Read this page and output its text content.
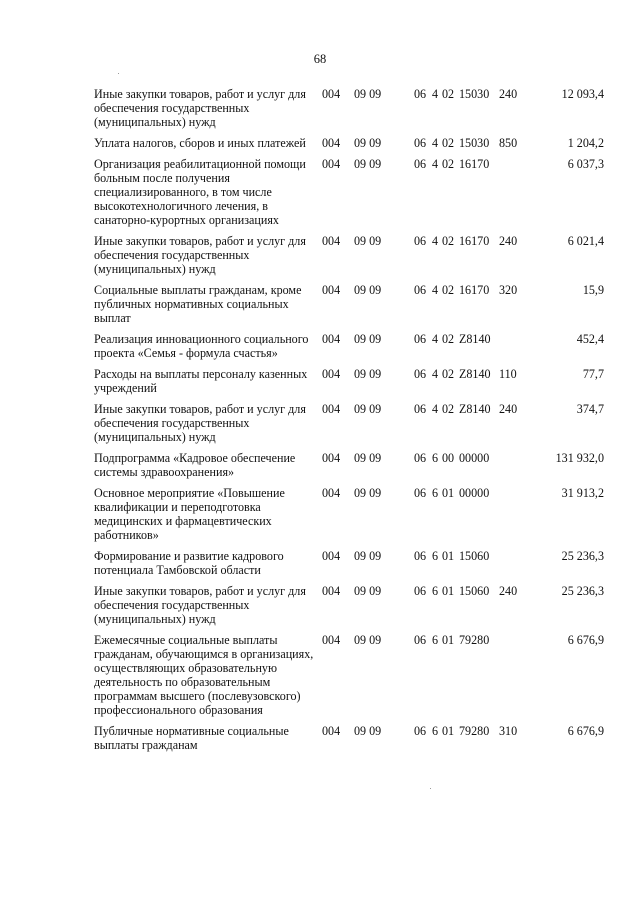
68
Иные закупки товаров, работ и услуг для обеспечения государственных (муниципальных) нужд	004	09 09	06	4	02	15030	240	12 093,4
Уплата налогов, сборов и иных платежей	004	09 09	06	4	02	15030	850	1 204,2
Организация реабилитационной помощи больным после получения специализированного, в том числе высокотехнологичного лечения, в санаторно-курортных организациях	004	09 09	06	4	02	16170		6 037,3
Иные закупки товаров, работ и услуг для обеспечения государственных (муниципальных) нужд	004	09 09	06	4	02	16170	240	6 021,4
Социальные выплаты гражданам, кроме публичных нормативных социальных выплат	004	09 09	06	4	02	16170	320	15,9
Реализация инновационного социального проекта «Семья - формула счастья»	004	09 09	06	4	02	Z8140		452,4
Расходы на выплаты персоналу казенных учреждений	004	09 09	06	4	02	Z8140	110	77,7
Иные закупки товаров, работ и услуг для обеспечения государственных (муниципальных) нужд	004	09 09	06	4	02	Z8140	240	374,7
Подпрограмма «Кадровое обеспечение системы здравоохранения»	004	09 09	06	6	00	00000		131 932,0
Основное мероприятие «Повышение квалификации и переподготовка медицинских и фармацевтических работников»	004	09 09	06	6	01	00000		31 913,2
Формирование и развитие кадрового потенциала Тамбовской области	004	09 09	06	6	01	15060		25 236,3
Иные закупки товаров, работ и услуг для обеспечения государственных (муниципальных) нужд	004	09 09	06	6	01	15060	240	25 236,3
Ежемесячные социальные выплаты гражданам, обучающимся в организациях, осуществляющих образовательную деятельность по образовательным программам высшего (послевузовского) профессионального образования	004	09 09	06	6	01	79280		6 676,9
Публичные нормативные социальные выплаты гражданам	004	09 09	06	6	01	79280	310	6 676,9
